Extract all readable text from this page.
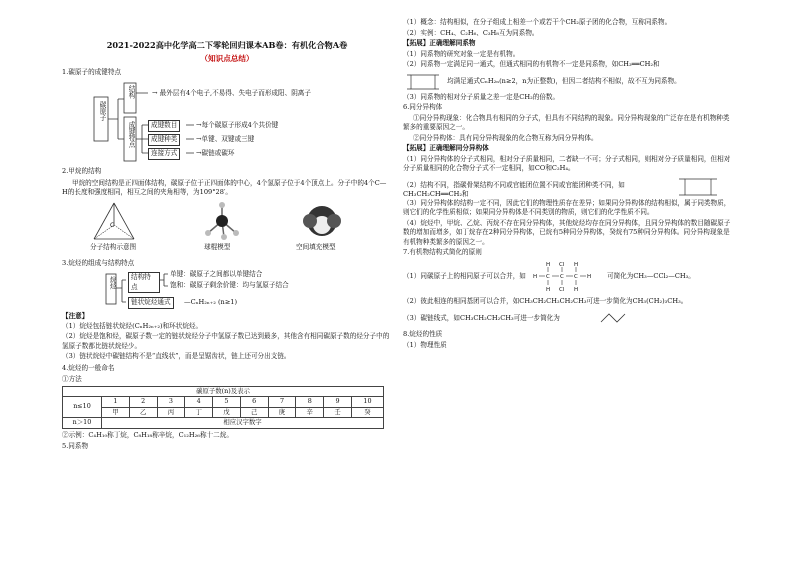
2021-2022高中化学高二下零轮回归课本AB卷：有机化合物A卷
（知识点总结）
1.碳原子的成键特点
碳原子
结构
成键特点
→ 最外层有4个电子,不易得、失电子而形成阳、阴离子
成键数目	→每个碳原子形成4个共价键
成键种类	→单键、双键或三键
连接方式	→碳链或碳环
2.甲烷的结构
甲烷的空间结构是正四面体结构，碳原子位于正四面体的中心，4个氢原子位于4个顶点上。分子中的4个C—H的长度和强度相同，相互之间的夹角相等，为109°28′。
C
分子结构示意图	球棍模型	空间填充模型
3.烷烃的组成与结构特点
烷烃	结构特点
单键：碳原子之间都以单键结合
饱和：碳原子剩余价键：均与氢原子结合
链状烷烃通式	—CₙH₂ₙ₊₂ (n≥1)
【注意】
（1）烷烃包括链状烷烃(CₙH₂ₙ₊₂)和环状烷烃。
（2）烷烃是饱和烃，碳原子数一定的链状烷烃分子中氢原子数已达到最多，其他含有相同碳原子数的烃分子中的氢原子数都比链状烷烃少。
（3）链状烷烃中碳链结构不是“直线状”，而是呈锯齿状，链上还可分出支链。
4.烷烃的一般命名
①方法
碳原子数(n)及表示										
n≤10	1	2	3	4	5	6	7	8	9	10
	甲	乙	丙	丁	戊	己	庚	辛	壬	癸
n＞10	相应汉字数字									
②示例：C₄H₁₀称丁烷，C₈H₁₈称辛烷，C₁₂H₂₆称十二烷。
5.同系物
（1）概念：结构相似，在分子组成上相差一个或若干个CH₂原子团的化合物，互称同系物。
（2）实例：CH₄、C₂H₆、C₃H₈互为同系物。
【拓展】正确理解同系物
（1）同系物的研究对象一定是有机物。
（2）同系物一定满足同一通式，但通式相同的有机物不一定是同系物，如CH₂══CH₂和
均满足通式CₙH₂ₙ(n≥2，n为正整数)，但因二者结构不相似，故不互为同系物。
（3）同系物的相对分子质量之差一定是CH₂的倍数。
6.同分异构体
①同分异构现象：化合物具有相同的分子式，但具有不同结构的现象。同分异构现象的广泛存在是有机物种类繁多的重要原因之一。
②同分异构体：具有同分异构现象的化合物互称为同分异构体。
【拓展】正确理解同分异构体
（1）同分异构体的分子式相同，相对分子质量相同，二者缺一不可；分子式相同，则相对分子质量相同，但相对分子质量相同的化合物分子式不一定相同，如CO和C₂H₄。
（2）结构不同，指碳骨架结构不同或官能团位置不同或官能团种类不同，如CH₃CH₂CH══CH₂和
（3）同分异构体的结构一定不同，因此它们的物理性质存在差异；如果同分异构体的结构相似，属于同类物质，则它们的化学性质相似；如果同分异构体是不同类别的物质，则它们的化学性质不同。
（4）烷烃中，甲烷、乙烷、丙烷不存在同分异构体，其他烷烃均存在同分异构体，且同分异构体的数目随碳原子数的增加而增多，如丁烷存在2种同分异构体，已烷有5种同分异构体，癸烷有75种同分异构体。同分异构现象是有机物种类繁多的原因之一。
7.有机物结构式简化的原则
（1）同碳原子上的相同原子可以合并，如 H C C C H
H Cl H
H Cl H
可简化为CH₃—CCl₂—CH₃。
（2）彼此相连的相同基团可以合并，如CH₃CH₂CH₂CH₂CH₃可进一步简化为CH₃(CH₂)₃CH₃。
（3）碳链线式，如CH₃CH₂CH₂CH₃可进一步简化为
8.烷烃的性质
（1）物理性质
